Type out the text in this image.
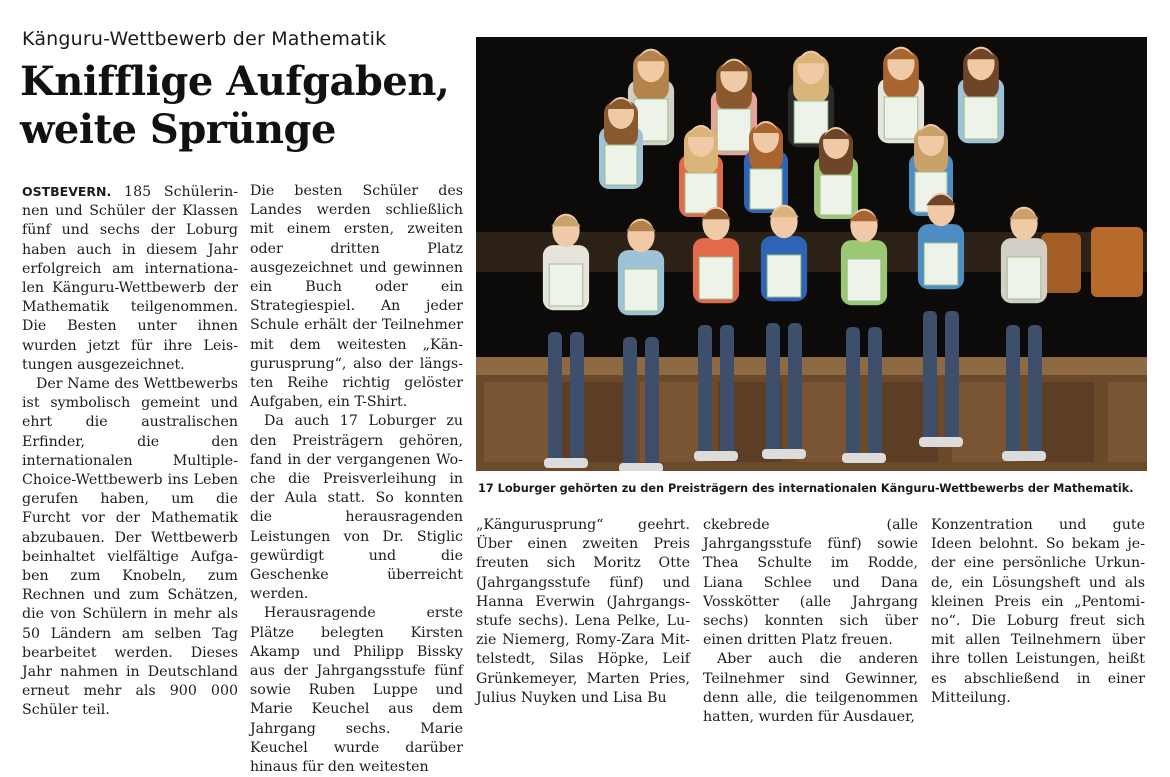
Känguru-Wettbewerb der Mathematik
Knifflige Aufgaben,
weite Sprünge

OSTBEVERN. 185 Schülerinnen und Schüler der Klassen fünf und sechs der Loburg haben auch in diesem Jahr erfolgreich am internationalen Känguru-Wettbewerb der Mathematik teilgenommen. Die Besten unter ihnen wurden jetzt für ihre Leistungen ausgezeichnet.

Der Name des Wettbewerbs ist symbolisch gemeint und ehrt die australischen Erfinder, die den internationalen Multiple-Choice-Wettbewerb ins Leben gerufen haben, um die Furcht vor der Mathematik abzubauen. Der Wettbewerb beinhaltet vielfältige Aufgaben zum Knobeln, zum Rechnen und zum Schätzen, die von Schülern in mehr als 50 Ländern am selben Tag bearbeitet werden. Dieses Jahr nahmen in Deutschland erneut mehr als 900 000 Schüler teil.

Die besten Schüler des Landes werden schließlich mit einem ersten, zweiten oder dritten Platz ausgezeichnet und gewinnen ein Buch oder ein Strategiespiel. An jeder Schule erhält der Teilnehmer mit dem weitesten „Kängurusprung“, also der längsten Reihe richtig gelöster Aufgaben, ein T-Shirt.

Da auch 17 Loburger zu den Preisträgern gehören, fand in der vergangenen Woche die Preisverleihung in der Aula statt. So konnten die herausragenden Leistungen von Dr. Stiglic gewürdigt und die Geschenke überreicht werden.

Herausragende erste Plätze belegten Kirsten Akamp und Philipp Bissky aus der Jahrgangsstufe fünf sowie Ruben Luppe und Marie Keuchel aus dem Jahrgang sechs. Marie Keuchel wurde darüber hinaus für den weitesten

17 Loburger gehörten zu den Preisträgern des internationalen Känguru-Wettbewerbs der Mathematik.

„Kängurusprung“ geehrt. Über einen zweiten Preis freuten sich Moritz Otte (Jahrgangsstufe fünf) und Hanna Everwin (Jahrgangsstufe sechs). Lena Pelke, Luzie Niemerg, Romy-Zara Mittelstedt, Silas Höpke, Leif Grünkemeyer, Marten Pries, Julius Nuyken und Lisa Bu

ckebrede (alle Jahrgangsstufe fünf) sowie Thea Schulte im Rodde, Liana Schlee und Dana Vosskötter (alle Jahrgang sechs) konnten sich über einen dritten Platz freuen.

Aber auch die anderen Teilnehmer sind Gewinner, denn alle, die teilgenommen hatten, wurden für Ausdauer,

Konzentration und gute Ideen belohnt. So bekam jeder eine persönliche Urkunde, ein Lösungsheft und als kleinen Preis ein „Pentomino“. Die Loburg freut sich mit allen Teilnehmern über ihre tollen Leistungen, heißt es abschließend in einer Mitteilung.
